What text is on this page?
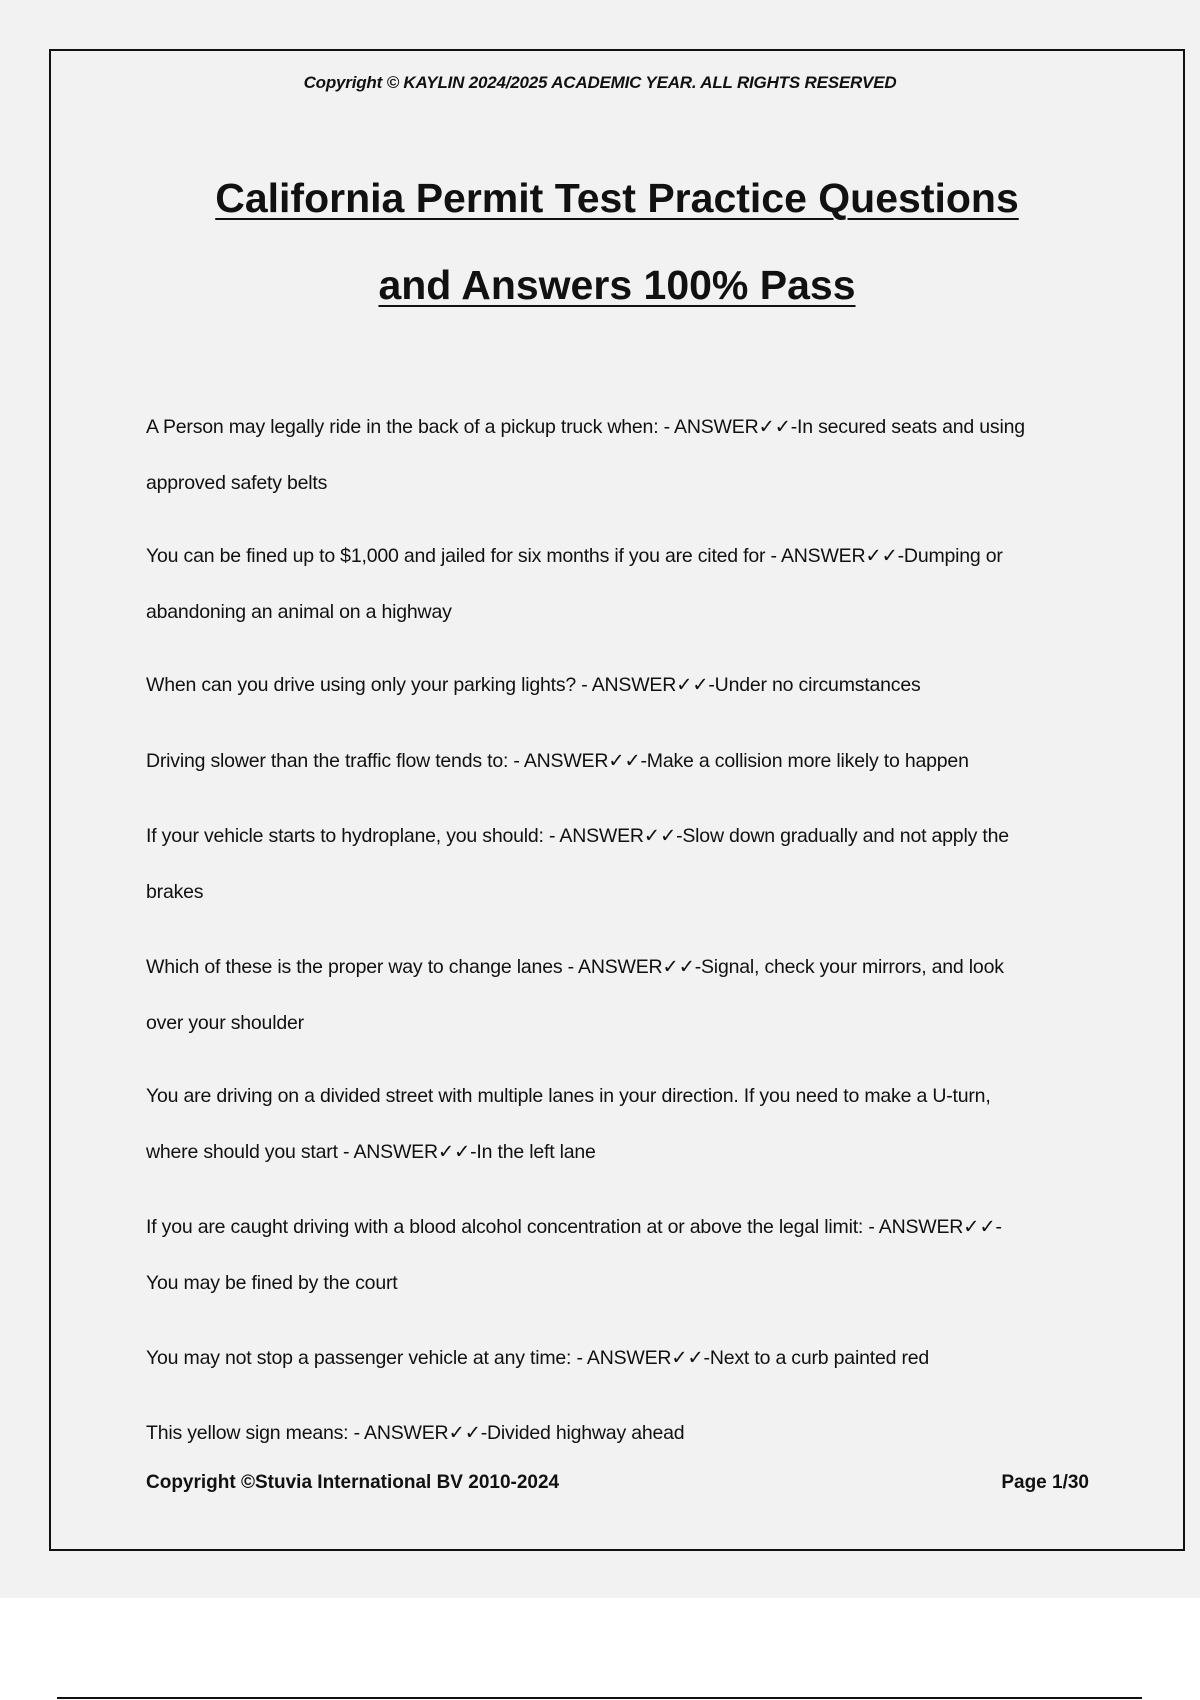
Copyright © KAYLIN 2024/2025 ACADEMIC YEAR. ALL RIGHTS RESERVED
California Permit Test Practice Questions
and Answers 100% Pass
A Person may legally ride in the back of a pickup truck when: - ANSWER✓✓-In secured seats and using
approved safety belts
You can be fined up to $1,000 and jailed for six months if you are cited for - ANSWER✓✓-Dumping or
abandoning an animal on a highway
When can you drive using only your parking lights? - ANSWER✓✓-Under no circumstances
Driving slower than the traffic flow tends to: - ANSWER✓✓-Make a collision more likely to happen
If your vehicle starts to hydroplane, you should: - ANSWER✓✓-Slow down gradually and not apply the
brakes
Which of these is the proper way to change lanes - ANSWER✓✓-Signal, check your mirrors, and look
over your shoulder
You are driving on a divided street with multiple lanes in your direction. If you need to make a U-turn,
where should you start - ANSWER✓✓-In the left lane
If you are caught driving with a blood alcohol concentration at or above the legal limit: - ANSWER✓✓-
You may be fined by the court
You may not stop a passenger vehicle at any time: - ANSWER✓✓-Next to a curb painted red
This yellow sign means: - ANSWER✓✓-Divided highway ahead
Copyright ©Stuvia International BV 2010-2024	Page 1/30
